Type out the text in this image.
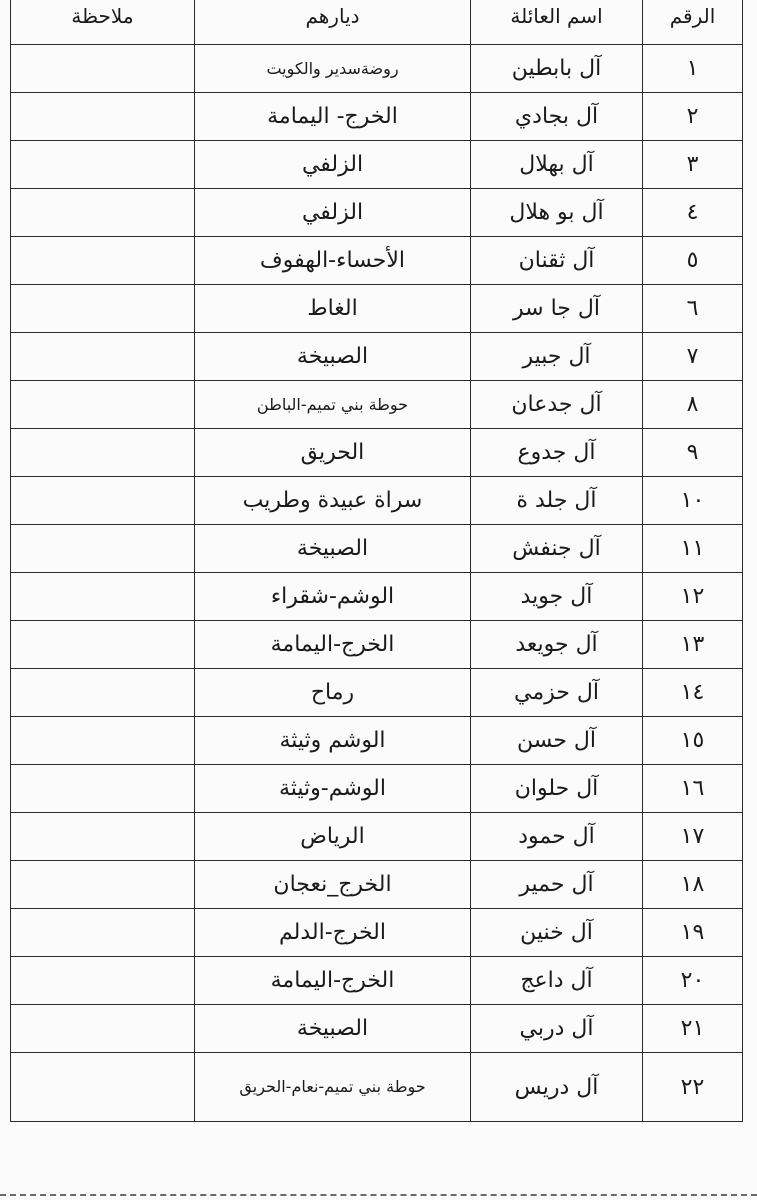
الرقم	اسم العائلة	ديارهم	ملاحظة
١	آل بابطين	روضةسدير والكويت	
٢	آل بجادي	الخرج- اليمامة	
٣	آل بهلال	الزلفي	
٤	آل بو هلال	الزلفي	
٥	آل ثقنان	الأحساء-الهفوف	
٦	آل جا سر	الغاط	
٧	آل جبير	الصبيخة	
٨	آل جدعان	حوطة بني تميم-الباطن	
٩	آل جدوع	الحريق	
١٠	آل جلد ة	سراة عبيدة وطريب	
١١	آل جنفش	الصبيخة	
١٢	آل جويد	الوشم-شقراء	
١٣	آل جويعد	الخرج-اليمامة	
١٤	آل حزمي	رماح	
١٥	آل حسن	الوشم وثيثة	
١٦	آل حلوان	الوشم-وثيثة	
١٧	آل حمود	الرياض	
١٨	آل حمير	الخرج_نعجان	
١٩	آل خنين	الخرج-الدلم	
٢٠	آل داعج	الخرج-اليمامة	
٢١	آل دربي	الصبيخة	
٢٢	آل دريس	حوطة بني تميم-نعام-الحريق	
